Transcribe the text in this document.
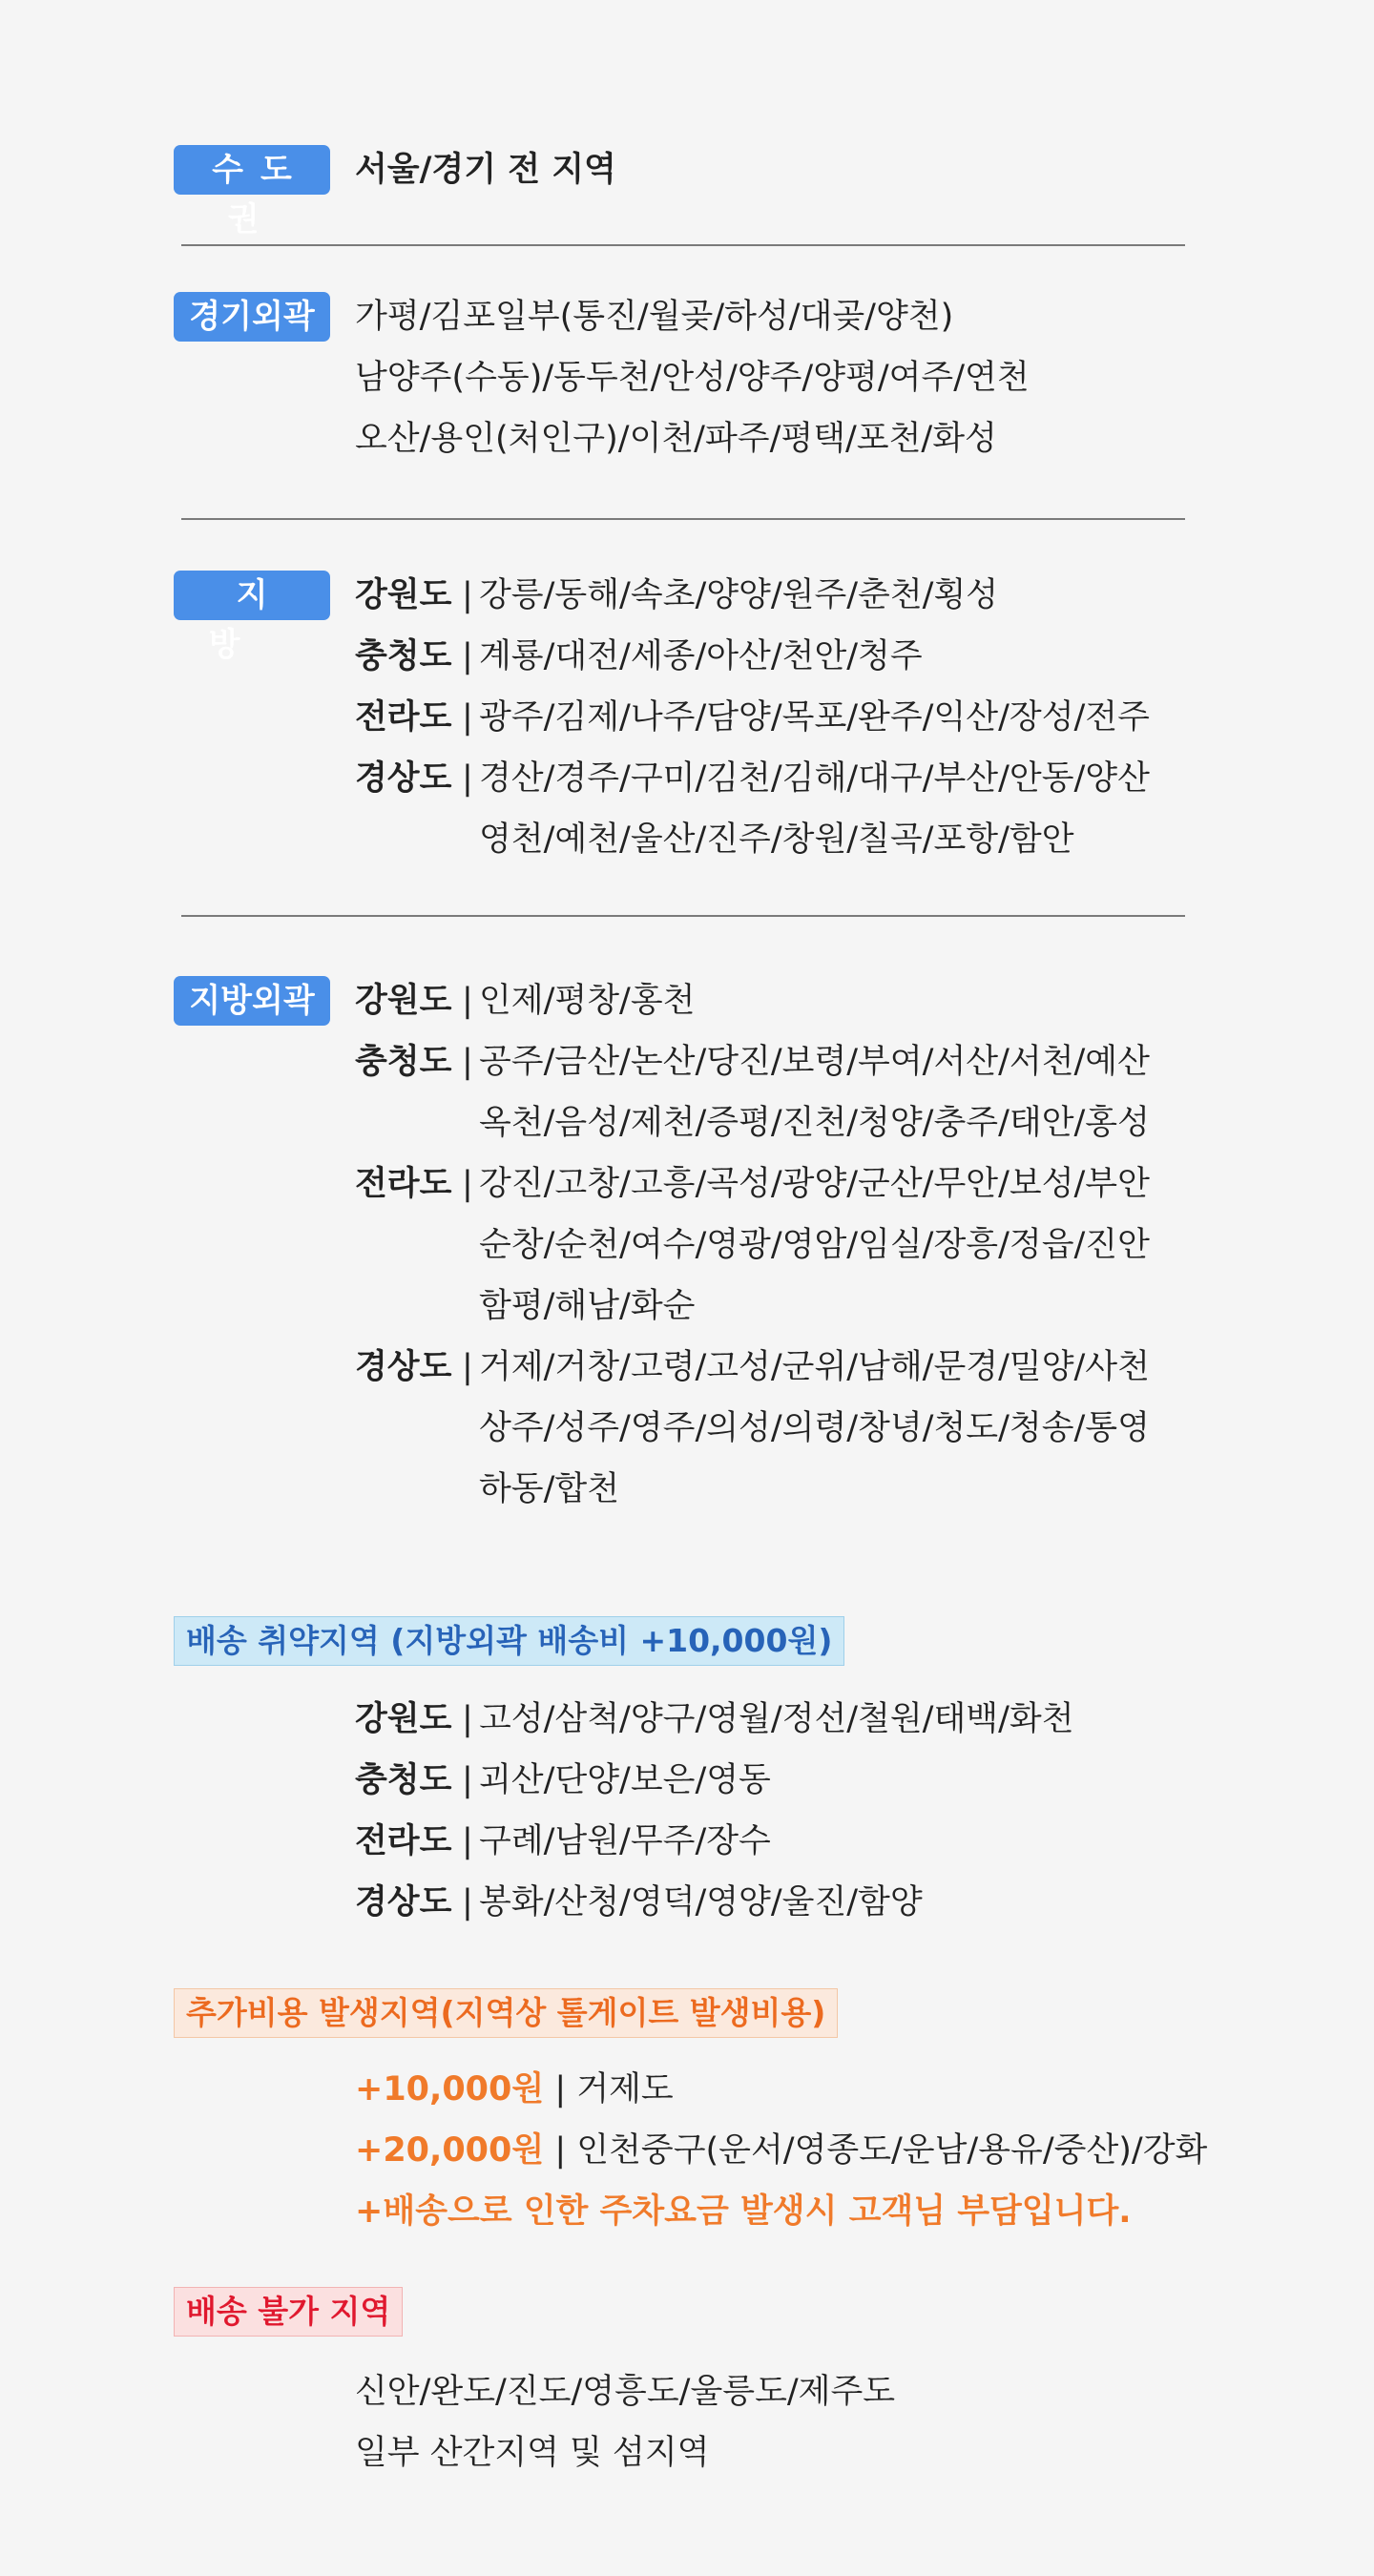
수도권
서울/경기 전 지역
경기외곽	가평/김포일부(통진/월곶/하성/대곶/양천)
남양주(수동)/동두천/안성/양주/양평/여주/연천
오산/용인(처인구)/이천/파주/평택/포천/화성
지방
강원도 | 강릉/동해/속초/양양/원주/춘천/횡성
충청도 | 계룡/대전/세종/아산/천안/청주
전라도 | 광주/김제/나주/담양/목포/완주/익산/장성/전주
경상도 | 경산/경주/구미/김천/김해/대구/부산/안동/양산
영천/예천/울산/진주/창원/칠곡/포항/함안
지방외곽	강원도 | 인제/평창/홍천
충청도 | 공주/금산/논산/당진/보령/부여/서산/서천/예산
옥천/음성/제천/증평/진천/청양/충주/태안/홍성
전라도 | 강진/고창/고흥/곡성/광양/군산/무안/보성/부안
순창/순천/여수/영광/영암/임실/장흥/정읍/진안
함평/해남/화순
경상도 | 거제/거창/고령/고성/군위/남해/문경/밀양/사천
상주/성주/영주/의성/의령/창녕/청도/청송/통영
하동/합천
배송 취약지역 (지방외곽 배송비 +10,000원)
강원도 | 고성/삼척/양구/영월/정선/철원/태백/화천
충청도 | 괴산/단양/보은/영동
전라도 | 구례/남원/무주/장수
경상도 | 봉화/산청/영덕/영양/울진/함양
추가비용 발생지역(지역상 톨게이트 발생비용)
+10,000원 | 거제도
+20,000원 | 인천중구(운서/영종도/운남/용유/중산)/강화
+배송으로 인한 주차요금 발생시 고객님 부담입니다.
배송 불가 지역
신안/완도/진도/영흥도/울릉도/제주도
일부 산간지역 및 섬지역
